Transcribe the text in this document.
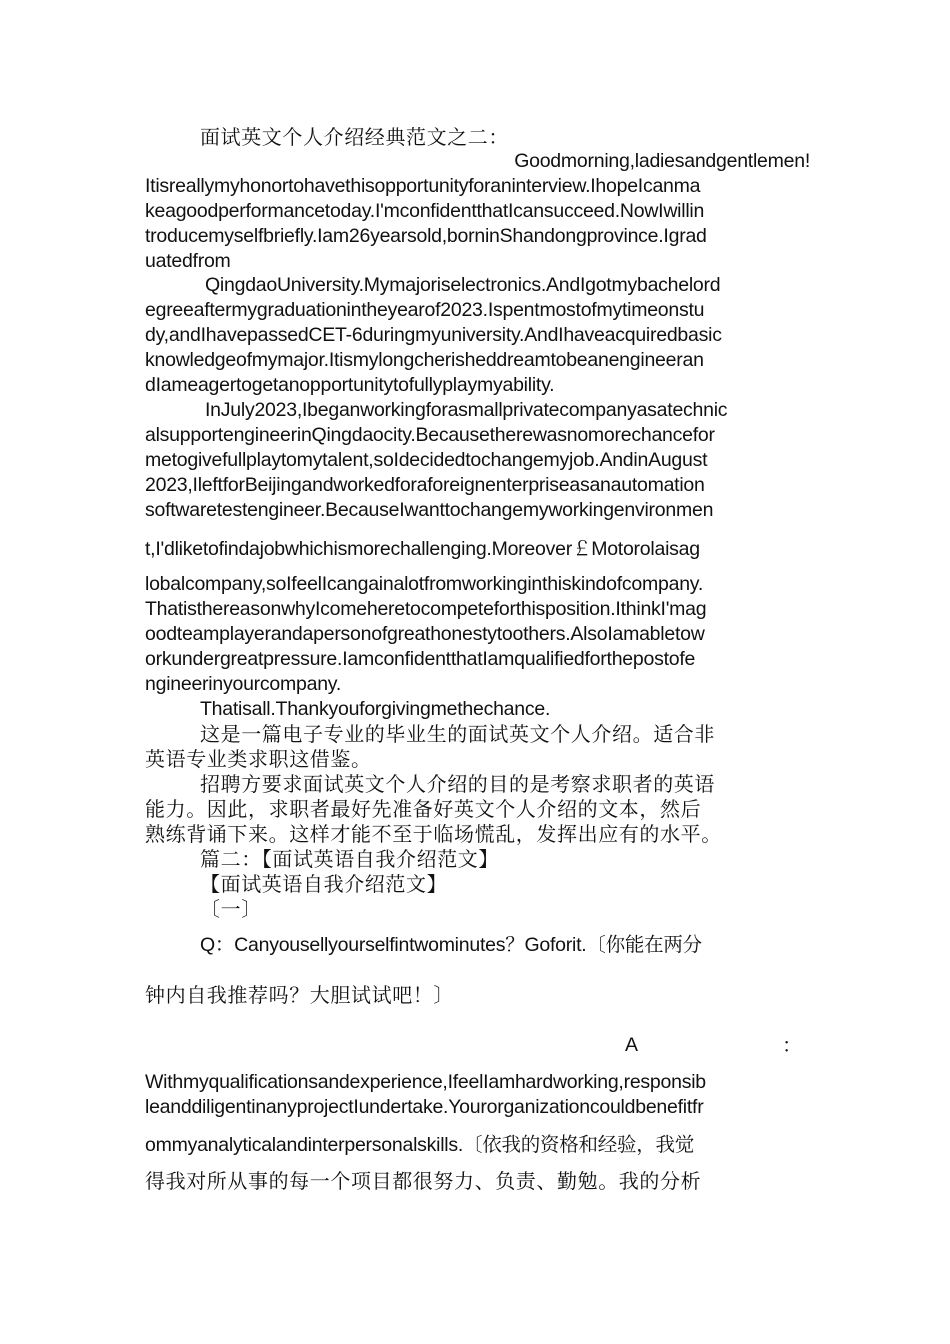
面试英文个人介绍经典范文之二：
Goodmorning,ladiesandgentlemen!
Itisreallymyhonortohavethisopportunityforaninterview.IhopeIcanma
keagoodperformancetoday.I'mconfidentthatIcansucceed.NowIwillin
troducemyselfbriefly.Iam26yearsold,borninShandongprovince.Igrad
uatedfrom
QingdaoUniversity.Mymajoriselectronics.AndIgotmybachelord
egreeaftermygraduationintheyearof2023.Ispentmostofmytimeonstu
dy,andIhavepassedCET-6duringmyuniversity.AndIhaveacquiredbasic
knowledgeofmymajor.Itismylongcherisheddreamtobeanengineeran
dIameagertogetanopportunitytofullyplaymyability.
InJuly2023,Ibeganworkingforasmallprivatecompanyasatechnic
alsupportengineerinQingdaocity.Becausetherewasnomorechancefor
metogivefullplaytomytalent,soIdecidedtochangemyjob.AndinAugust
2023,IleftforBeijingandworkedforaforeignenterpriseasanautomation
softwaretestengineer.BecauseIwanttochangemyworkingenvironmen
t,I'dliketofindajobwhichismorechallenging.Moreover￡Motorolaisag
lobalcompany,soIfeelIcangainalotfromworkinginthiskindofcompany.
ThatisthereasonwhyIcomeheretocompeteforthisposition.IthinkI'mag
oodteamplayerandapersonofgreathonestytoothers.AlsoIamabletow
orkundergreatpressure.IamconfidentthatIamqualifiedforthepostofe
ngineerinyourcompany.
Thatisall.Thankyouforgivingmethechance.
这是一篇电子专业的毕业生的面试英文个人介绍。适合非
英语专业类求职这借鉴。
招聘方要求面试英文个人介绍的目的是考察求职者的英语
能力。因此，求职者最好先准备好英文个人介绍的文本，然后
熟练背诵下来。这样才能不至于临场慌乱，发挥出应有的水平。
篇二：【面试英语自我介绍范文】
【面试英语自我介绍范文】
〔一〕
Q：Canyousellyourselfintwominutes？Goforit.〔你能在两分
钟内自我推荐吗？大胆试试吧！〕
A	：
Withmyqualificationsandexperience,IfeelIamhardworking,responsib
leanddiligentinanyprojectIundertake.Yourorganizationcouldbenefitfr
ommyanalyticalandinterpersonalskills.〔依我的资格和经验，我觉
得我对所从事的每一个项目都很努力、负责、勤勉。我的分析
